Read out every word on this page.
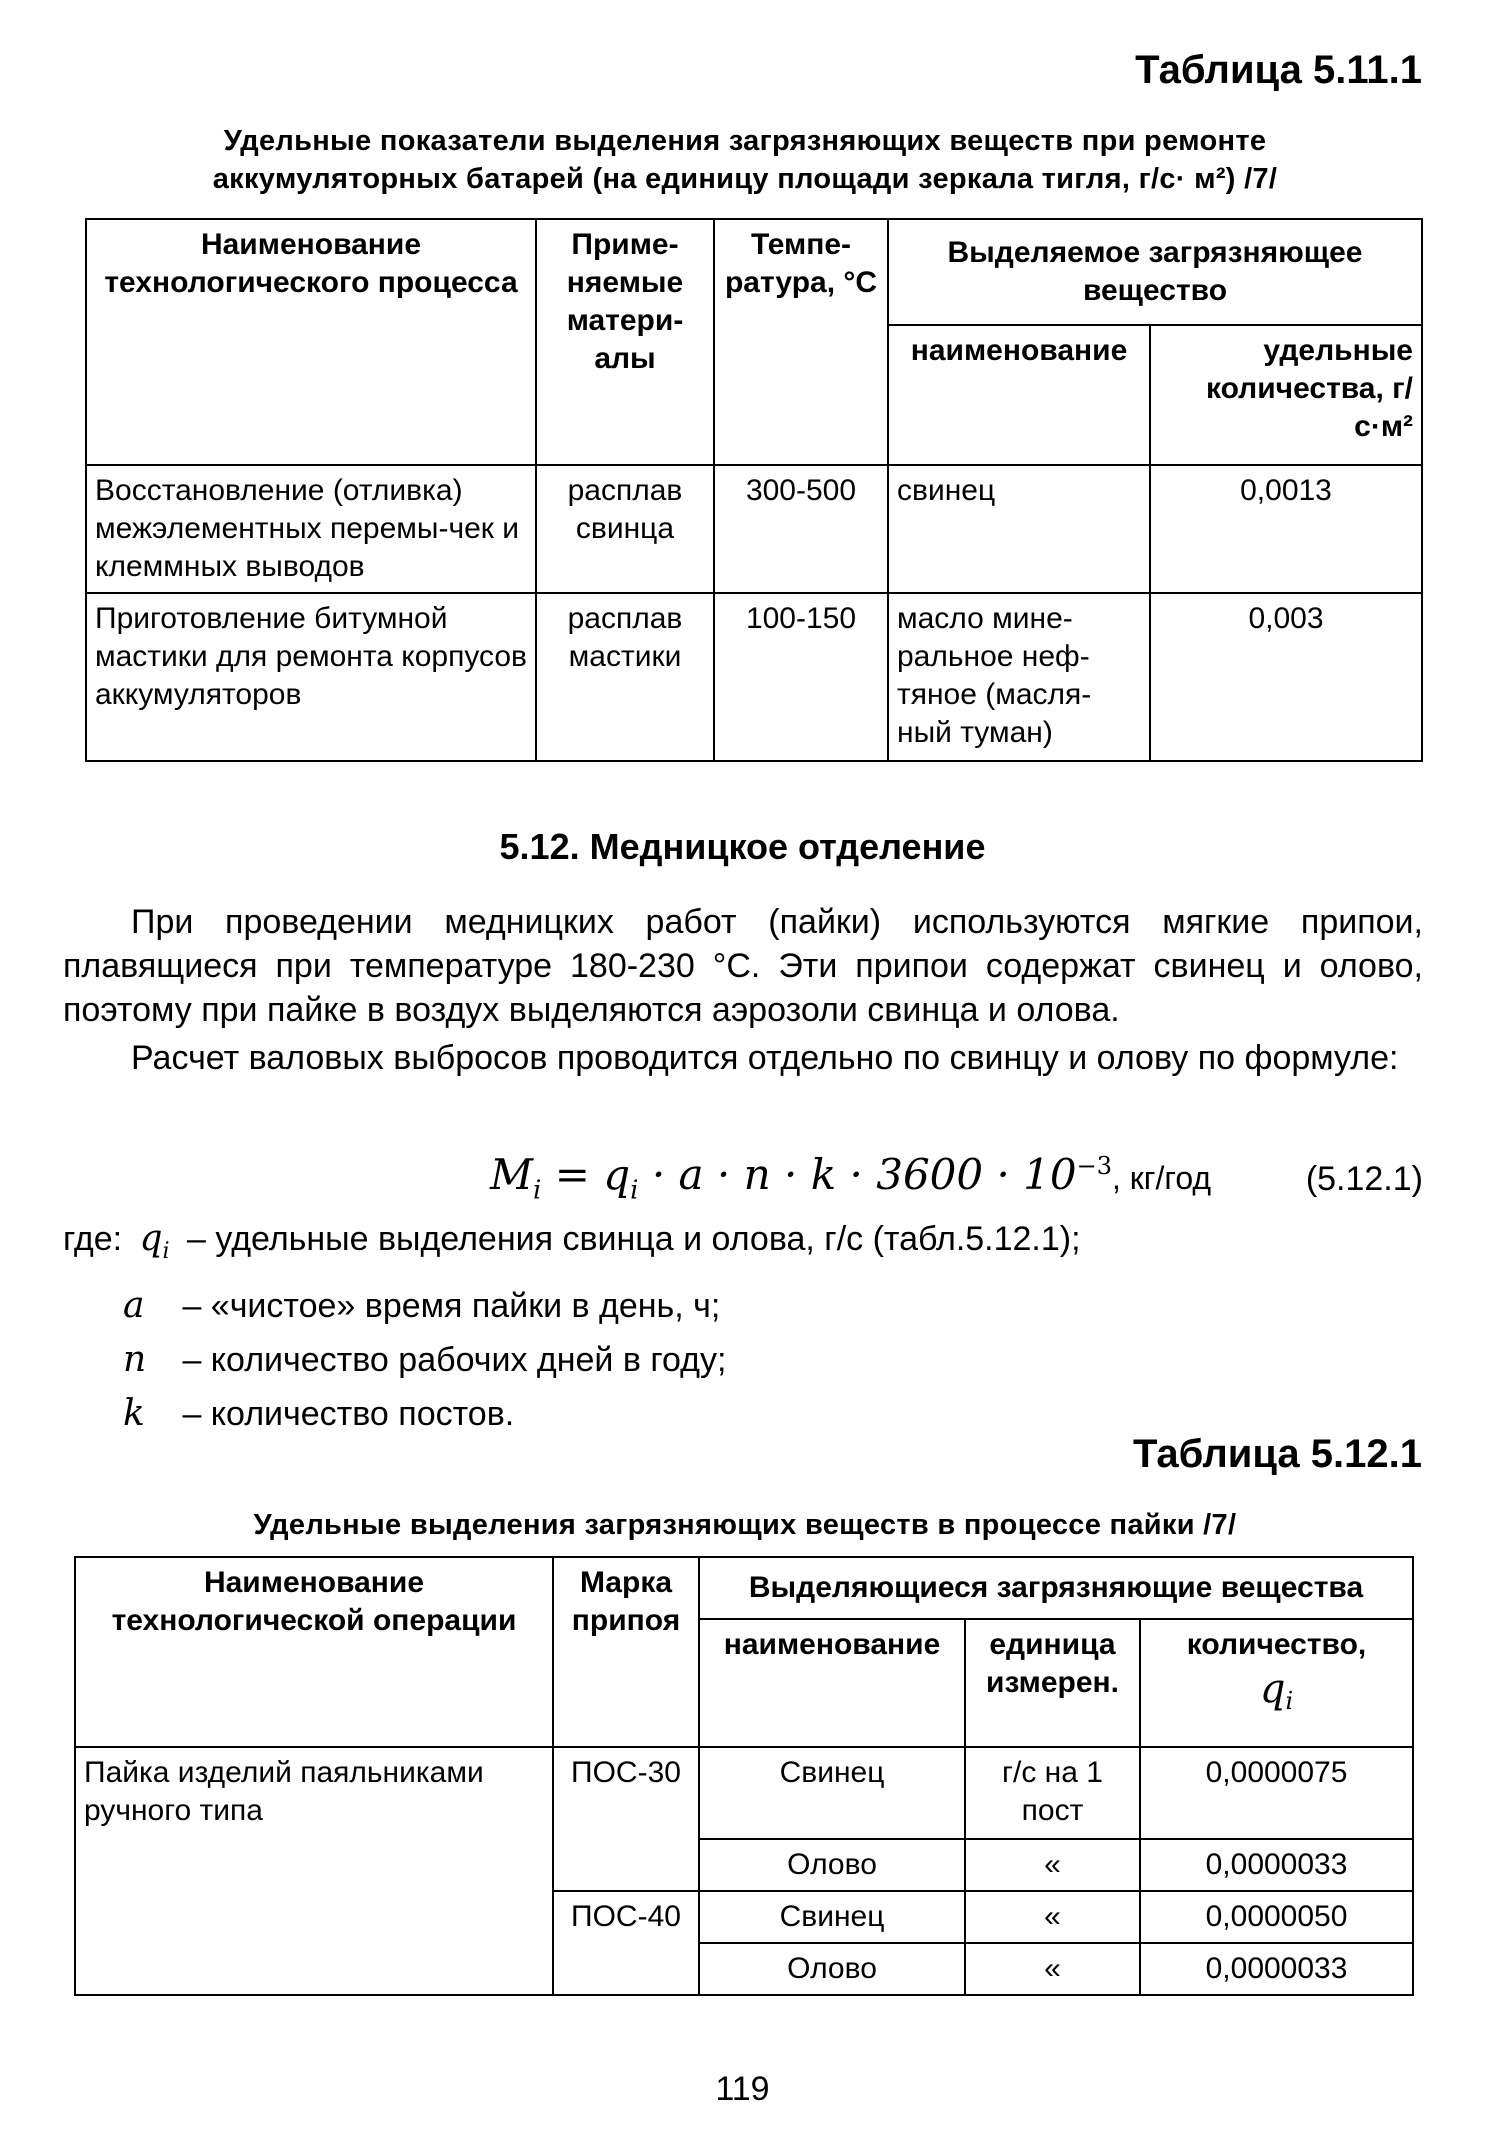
Таблица 5.11.1
Удельные показатели выделения загрязняющих веществ при ремонте
аккумуляторных батарей (на единицу площади зеркала тигля, г/с· м²) /7/
Наименование технологического процесса	Приме-няемые матери-алы	Темпе-ратура, °С	Выделяемое загрязняющее вещество	
			наименование	удельные количества, г/с·м²
Восстановление (отливка) межэлементных перемы-чек и клеммных выводов	расплав свинца	300-500	свинец	0,0013
Приготовление битумной мастики для ремонта корпусов аккумуляторов	расплав мастики	100-150	масло мине-ральное неф-тяное (масля-ный туман)	0,003
5.12. Медницкое отделение
При проведении медницких работ (пайки) используются мягкие припои, плавящиеся при температуре 180-230 °С. Эти припои содержат свинец и олово, поэтому при пайке в воздух выделяются аэрозоли свинца и олова.
Расчет валовых выбросов проводится отдельно по свинцу и олову по формуле:
$M_i = q_i \cdot a \cdot n \cdot k \cdot 3600 \cdot 10^{-3}$, кг/год	(5.12.1)
где: $q_i$ – удельные выделения свинца и олова, г/с (табл.5.12.1);
a – «чистое» время пайки в день, ч;
n – количество рабочих дней в году;
k – количество постов.
Таблица 5.12.1
Удельные выделения загрязняющих веществ в процессе пайки /7/
Наименование технологической операции	Марка припоя	Выделяющиеся загрязняющие вещества		
		наименование	единица измерен.	количество,
$q_i$

Пайка изделий паяльниками ручного типа	ПОС-30	Свинец	г/с на 1 пост	0,0000075
		Олово	«	0,0000033
	ПОС-40	Свинец	«	0,0000050
		Олово	«	0,0000033
119
